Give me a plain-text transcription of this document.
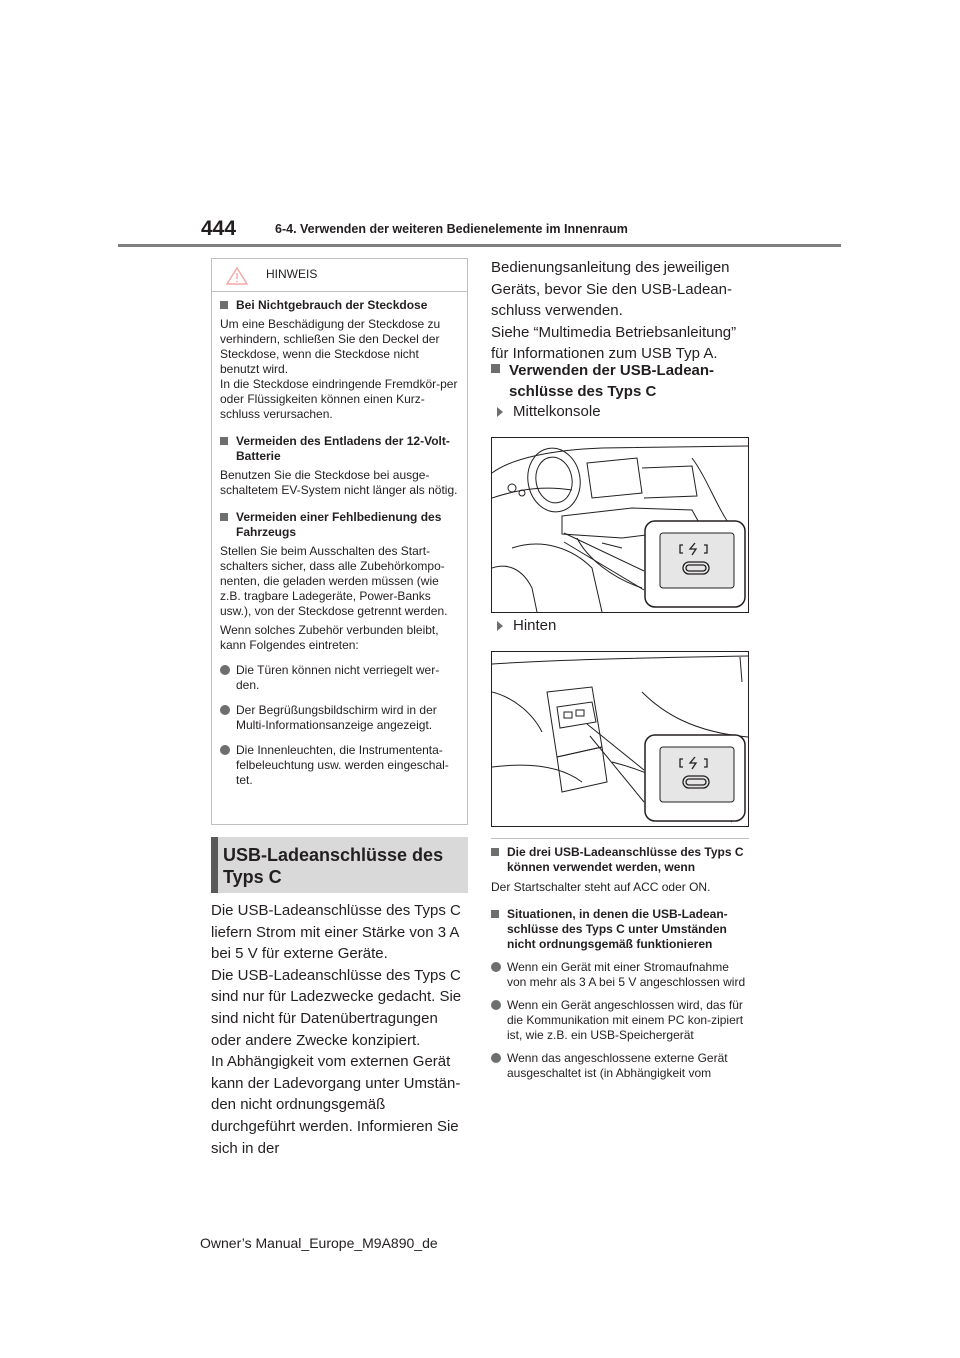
444	6-4. Verwenden der weiteren Bedienelemente im Innenraum
HINWEIS
Bei Nichtgebrauch der Steckdose
Um eine Beschädigung der Steckdose zu verhindern, schließen Sie den Deckel der Steckdose, wenn die Steckdose nicht benutzt wird.
In die Steckdose eindringende Fremdkör-per oder Flüssigkeiten können einen Kurz-schluss verursachen.
Vermeiden des Entladens der 12-Volt-Batterie
Benutzen Sie die Steckdose bei ausge-schaltetem EV-System nicht länger als nötig.
Vermeiden einer Fehlbedienung des Fahrzeugs
Stellen Sie beim Ausschalten des Start-schalters sicher, dass alle Zubehörkompo-nenten, die geladen werden müssen (wie z.B. tragbare Ladegeräte, Power-Banks usw.), von der Steckdose getrennt werden.
Wenn solches Zubehör verbunden bleibt, kann Folgendes eintreten:
Die Türen können nicht verriegelt wer-den.
Der Begrüßungsbildschirm wird in der Multi-Informationsanzeige angezeigt.
Die Innenleuchten, die Instrumententa-felbeleuchtung usw. werden eingeschal-tet.
USB-Ladeanschlüsse des Typs C
Die USB-Ladeanschlüsse des Typs C liefern Strom mit einer Stärke von 3 A bei 5 V für externe Geräte.
Die USB-Ladeanschlüsse des Typs C sind nur für Ladezwecke gedacht. Sie sind nicht für Datenübertragungen oder andere Zwecke konzipiert.
In Abhängigkeit vom externen Gerät kann der Ladevorgang unter Umstän-den nicht ordnungsgemäß durchgeführt werden. Informieren Sie sich in der
Bedienungsanleitung des jeweiligen Geräts, bevor Sie den USB-Ladean-schluss verwenden.
Siehe “Multimedia Betriebsanleitung” für Informationen zum USB Typ A.
Verwenden der USB-Ladean-schlüsse des Typs C
Mittelkonsole
Hinten
Die drei USB-Ladeanschlüsse des Typs C können verwendet werden, wenn
Der Startschalter steht auf ACC oder ON.
Situationen, in denen die USB-Ladean-schlüsse des Typs C unter Umständen nicht ordnungsgemäß funktionieren
Wenn ein Gerät mit einer Stromaufnahme von mehr als 3 A bei 5 V angeschlossen wird
Wenn ein Gerät angeschlossen wird, das für die Kommunikation mit einem PC kon-zipiert ist, wie z.B. ein USB-Speichergerät
Wenn das angeschlossene externe Gerät ausgeschaltet ist (in Abhängigkeit vom
Owner’s Manual_Europe_M9A890_de
